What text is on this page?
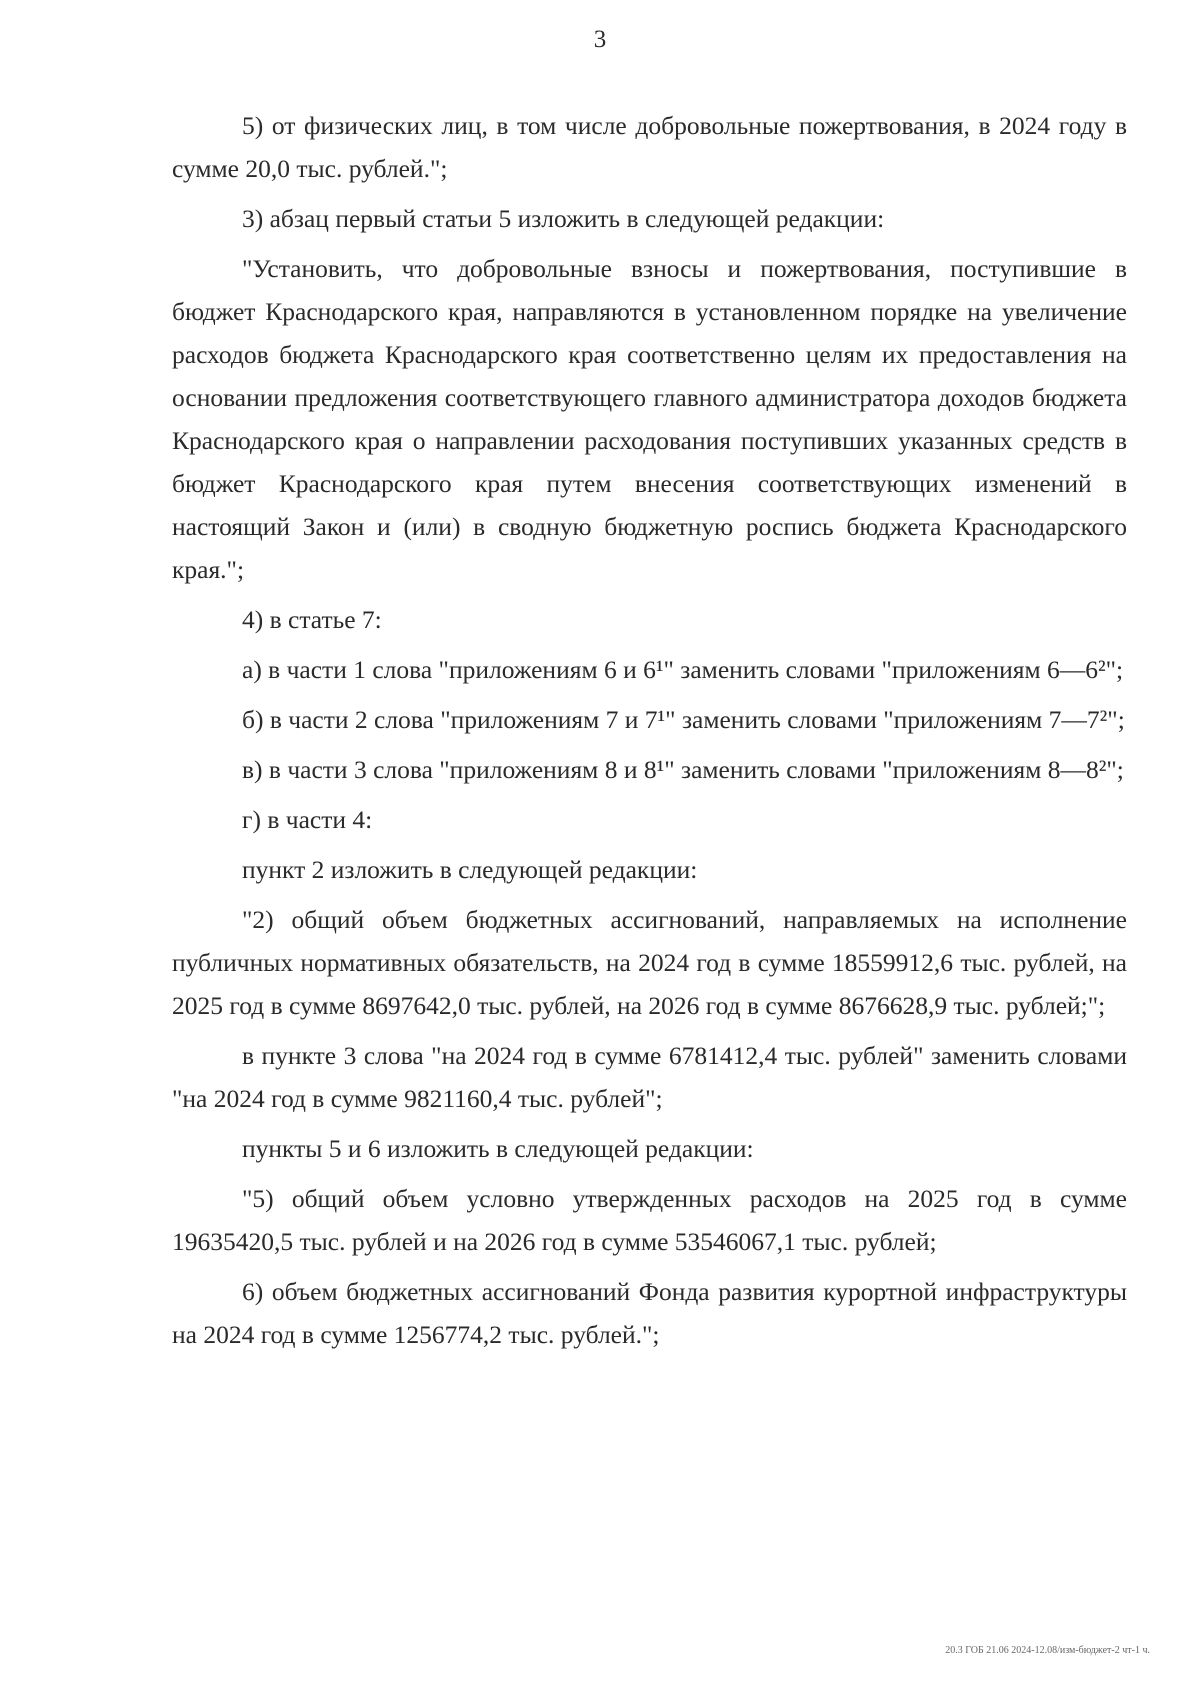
3

5) от физических лиц, в том числе добровольные пожертвования, в 2024 году в сумме 20,0 тыс. рублей.";

3) абзац первый статьи 5 изложить в следующей редакции:

"Установить, что добровольные взносы и пожертвования, поступившие в бюджет Краснодарского края, направляются в установленном порядке на увеличение расходов бюджета Краснодарского края соответственно целям их предоставления на основании предложения соответствующего главного администратора доходов бюджета Краснодарского края о направлении расходования поступивших указанных средств в бюджет Краснодарского края путем внесения соответствующих изменений в настоящий Закон и (или) в сводную бюджетную роспись бюджета Краснодарского края.";

4) в статье 7:

а) в части 1 слова "приложениям 6 и 6¹" заменить словами "приложениям 6—6²";

б) в части 2 слова "приложениям 7 и 7¹" заменить словами "приложениям 7—7²";

в) в части 3 слова "приложениям 8 и 8¹" заменить словами "приложениям 8—8²";

г) в части 4:

пункт 2 изложить в следующей редакции:

"2) общий объем бюджетных ассигнований, направляемых на исполнение публичных нормативных обязательств, на 2024 год в сумме 18559912,6 тыс. рублей, на 2025 год в сумме 8697642,0 тыс. рублей, на 2026 год в сумме 8676628,9 тыс. рублей;";

в пункте 3 слова "на 2024 год в сумме 6781412,4 тыс. рублей" заменить словами "на 2024 год в сумме 9821160,4 тыс. рублей";

пункты 5 и 6 изложить в следующей редакции:

"5) общий объем условно утвержденных расходов на 2025 год в сумме 19635420,5 тыс. рублей и на 2026 год в сумме 53546067,1 тыс. рублей;

6) объем бюджетных ассигнований Фонда развития курортной инфраструктуры на 2024 год в сумме 1256774,2 тыс. рублей.";

20.3 ГОБ 21.06 2024-12.08/изм-бюджет-2 чт-1 ч.
